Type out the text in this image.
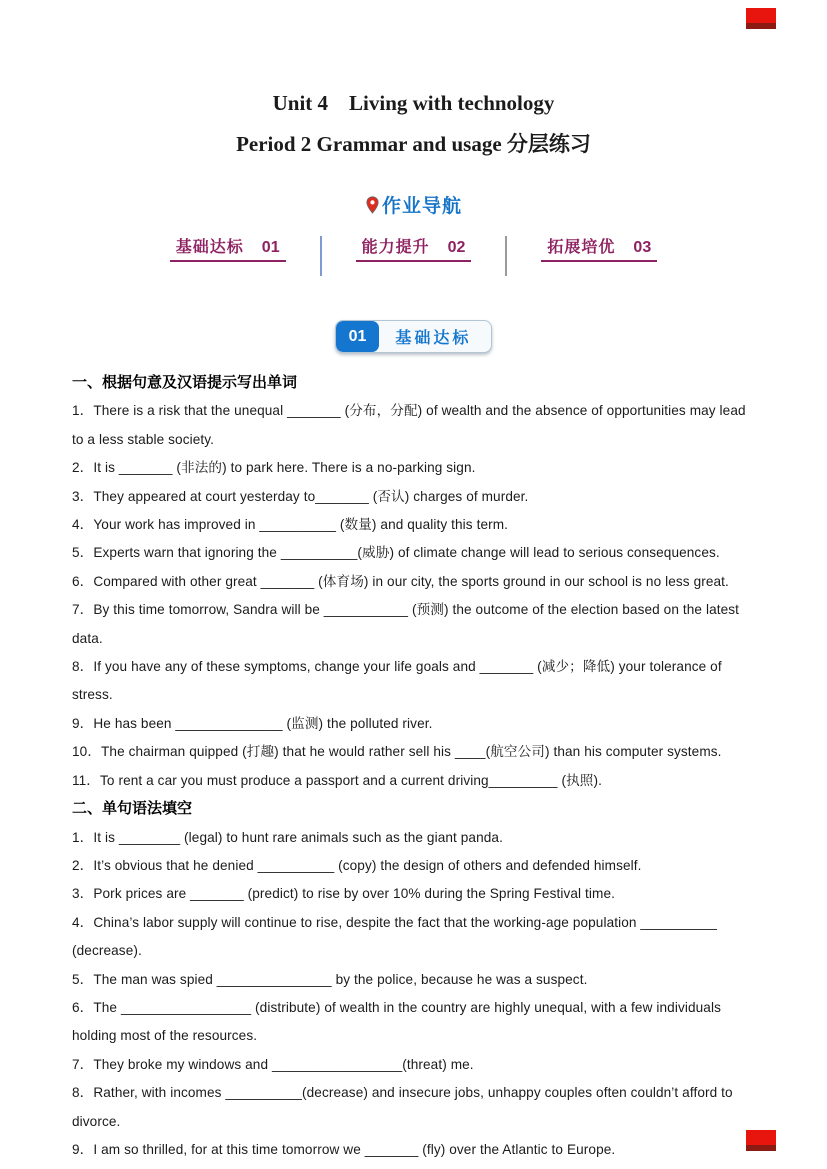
Unit 4　Living with technology
Period 2 Grammar and usage 分层练习
作业导航
基础达标 01	能力提升 02	拓展培优 03
01	基础达标

一、根据句意及汉语提示写出单词

1．There is a risk that the unequal _______ (分布，分配) of wealth and the absence of opportunities may lead to a less stable society.

2．It is _______ (非法的) to park here. There is a no-parking sign.

3．They appeared at court yesterday to_______ (否认) charges of murder.

4．Your work has improved in __________ (数量) and quality this term.

5．Experts warn that ignoring the __________(威胁) of climate change will lead to serious consequences.

6．Compared with other great _______ (体育场) in our city, the sports ground in our school is no less great.

7．By this time tomorrow, Sandra will be ___________ (预测) the outcome of the election based on the latest data.

8．If you have any of these symptoms, change your life goals and _______ (减少；降低) your tolerance of stress.

9．He has been ______________ (监测) the polluted river.

10．The chairman quipped (打趣) that he would rather sell his ____(航空公司) than his computer systems.

11．To rent a car you must produce a passport and a current driving_________ (执照).

二、单句语法填空

1．It is ________ (legal) to hunt rare animals such as the giant panda.

2．It’s obvious that he denied __________ (copy) the design of others and defended himself.

3．Pork prices are _______ (predict) to rise by over 10% during the Spring Festival time.

4．China’s labor supply will continue to rise, despite the fact that the working-age population __________ (decrease).

5．The man was spied _______________ by the police, because he was a suspect.

6．The _________________ (distribute) of wealth in the country are highly unequal, with a few individuals holding most of the resources.

7．They broke my windows and _________________(threat) me.

8．Rather, with incomes __________(decrease) and insecure jobs, unhappy couples often couldn’t afford to divorce.

9．I am so thrilled, for at this time tomorrow we _______ (fly) over the Atlantic to Europe.
